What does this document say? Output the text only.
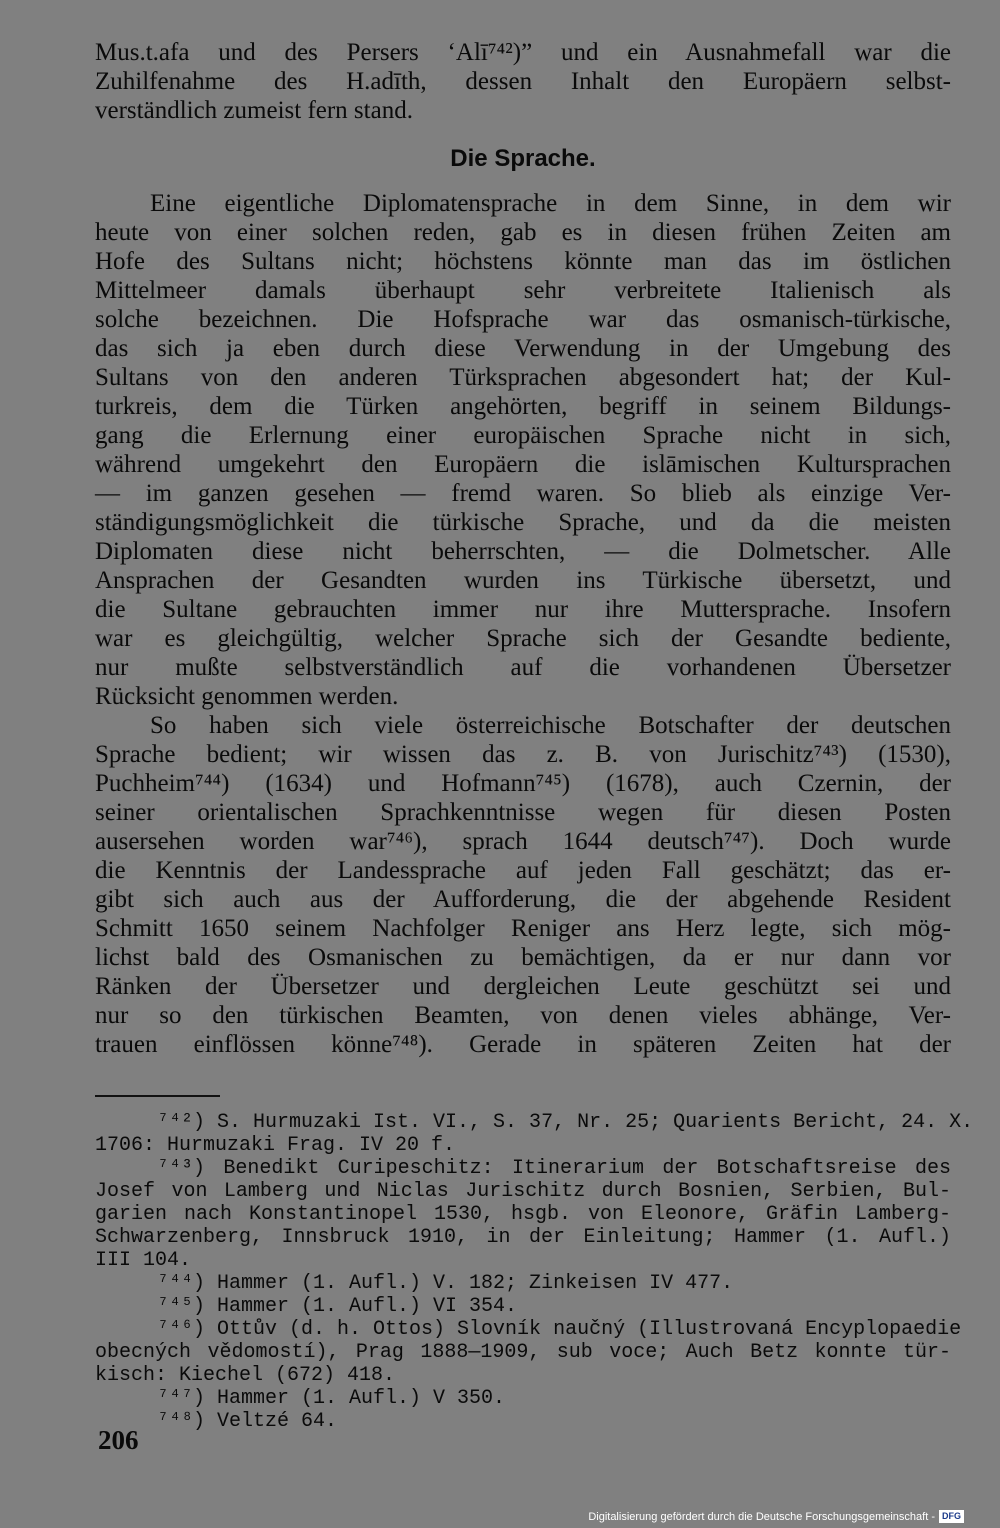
Mus.t.afa und des Persers ‘Alī⁷⁴²)” und ein Ausnahmefall war die
Zuhilfenahme des H.adīth, dessen Inhalt den Europäern selbst-
verständlich zumeist fern stand.
Die Sprache.
Eine eigentliche Diplomatensprache in dem Sinne, in dem wir
heute von einer solchen reden, gab es in diesen frühen Zeiten am
Hofe des Sultans nicht; höchstens könnte man das im östlichen
Mittelmeer damals überhaupt sehr verbreitete Italienisch als
solche bezeichnen. Die Hofsprache war das osmanisch-türkische,
das sich ja eben durch diese Verwendung in der Umgebung des
Sultans von den anderen Türksprachen abgesondert hat; der Kul-
turkreis, dem die Türken angehörten, begriff in seinem Bildungs-
gang die Erlernung einer europäischen Sprache nicht in sich,
während umgekehrt den Europäern die islāmischen Kultursprachen
— im ganzen gesehen — fremd waren. So blieb als einzige Ver-
ständigungsmöglichkeit die türkische Sprache, und da die meisten
Diplomaten diese nicht beherrschten, — die Dolmetscher. Alle
Ansprachen der Gesandten wurden ins Türkische übersetzt, und
die Sultane gebrauchten immer nur ihre Muttersprache. Insofern
war es gleichgültig, welcher Sprache sich der Gesandte bediente,
nur mußte selbstverständlich auf die vorhandenen Übersetzer
Rücksicht genommen werden.
So haben sich viele österreichische Botschafter der deutschen
Sprache bedient; wir wissen das z. B. von Jurischitz⁷⁴³) (1530),
Puchheim⁷⁴⁴) (1634) und Hofmann⁷⁴⁵) (1678), auch Czernin, der
seiner orientalischen Sprachkenntnisse wegen für diesen Posten
ausersehen worden war⁷⁴⁶), sprach 1644 deutsch⁷⁴⁷). Doch wurde
die Kenntnis der Landessprache auf jeden Fall geschätzt; das er-
gibt sich auch aus der Aufforderung, die der abgehende Resident
Schmitt 1650 seinem Nachfolger Reniger ans Herz legte, sich mög-
lichst bald des Osmanischen zu bemächtigen, da er nur dann vor
Ränken der Übersetzer und dergleichen Leute geschützt sei und
nur so den türkischen Beamten, von denen vieles abhänge, Ver-
trauen einflössen könne⁷⁴⁸). Gerade in späteren Zeiten hat der
⁷⁴²) S. Hurmuzaki Ist. VI., S. 37, Nr. 25; Quarients Bericht, 24. X.
1706: Hurmuzaki Frag. IV 20 f.
⁷⁴³) Benedikt Curipeschitz: Itinerarium der Botschaftsreise des
Josef von Lamberg und Niclas Jurischitz durch Bosnien, Serbien, Bul-
garien nach Konstantinopel 1530, hsgb. von Eleonore, Gräfin Lamberg-
Schwarzenberg, Innsbruck 1910, in der Einleitung; Hammer (1. Aufl.)
III 104.
⁷⁴⁴) Hammer (1. Aufl.) V. 182; Zinkeisen IV 477.
⁷⁴⁵) Hammer (1. Aufl.) VI 354.
⁷⁴⁶) Ottův (d. h. Ottos) Slovník naučný (Illustrovaná Encyplopaedie
obecných vědomostí), Prag 1888—1909, sub voce; Auch Betz konnte tür-
kisch: Kiechel (672) 418.
⁷⁴⁷) Hammer (1. Aufl.) V 350.
⁷⁴⁸) Veltzé 64.
206
Digitalisierung gefördert durch die Deutsche Forschungsgemeinschaft - DFG
